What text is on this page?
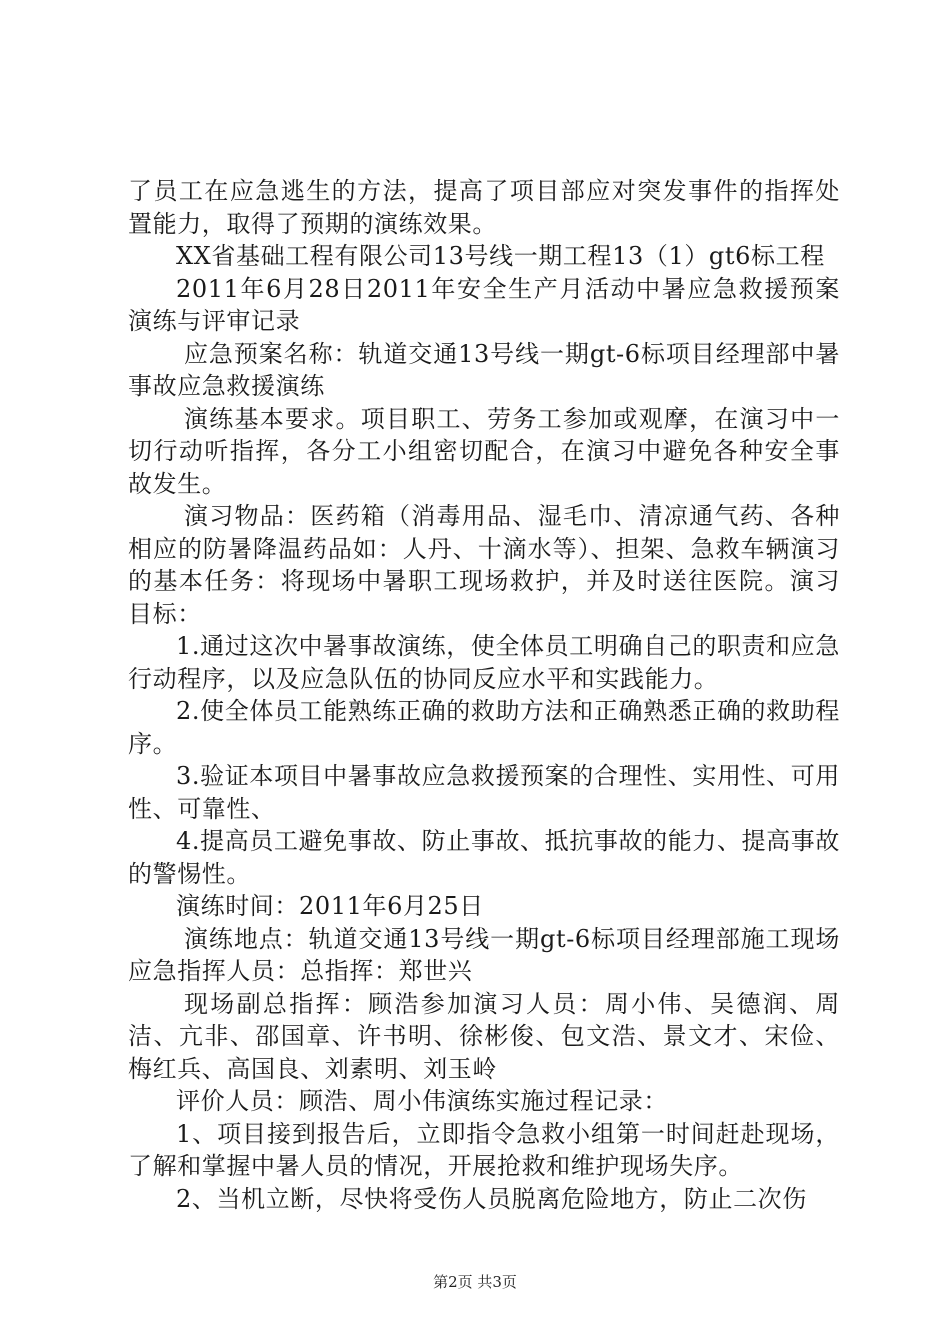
了员工在应急逃生的方法，提高了项目部应对突发事件的指挥处置能力，取得了预期的演练效果。

XX省基础工程有限公司13号线一期工程13（1）gt6标工程

2011年6月28日2011年安全生产月活动中暑应急救援预案演练与评审记录

应急预案名称：轨道交通13号线一期gt-6标项目经理部中暑事故应急救援演练

演练基本要求。项目职工、劳务工参加或观摩，在演习中一切行动听指挥，各分工小组密切配合，在演习中避免各种安全事故发生。

演习物品：医药箱（消毒用品、湿毛巾、清凉通气药、各种相应的防暑降温药品如：人丹、十滴水等）、担架、急救车辆演习的基本任务：将现场中暑职工现场救护，并及时送往医院。演习目标：

1.通过这次中暑事故演练，使全体员工明确自己的职责和应急行动程序，以及应急队伍的协同反应水平和实践能力。

2.使全体员工能熟练正确的救助方法和正确熟悉正确的救助程序。

3.验证本项目中暑事故应急救援预案的合理性、实用性、可用性、可靠性、

4.提高员工避免事故、防止事故、抵抗事故的能力、提高事故的警惕性。

演练时间：2011年6月25日

演练地点：轨道交通13号线一期gt-6标项目经理部施工现场应急指挥人员：总指挥：郑世兴

现场副总指挥：顾浩参加演习人员：周小伟、吴德润、周洁、亢非、邵国章、许书明、徐彬俊、包文浩、景文才、宋俭、梅红兵、高国良、刘素明、刘玉岭

评价人员：顾浩、周小伟演练实施过程记录：

1、项目接到报告后，立即指令急救小组第一时间赶赴现场，了解和掌握中暑人员的情况，开展抢救和维护现场失序。

2、当机立断，尽快将受伤人员脱离危险地方，防止二次伤

第2页 共3页
